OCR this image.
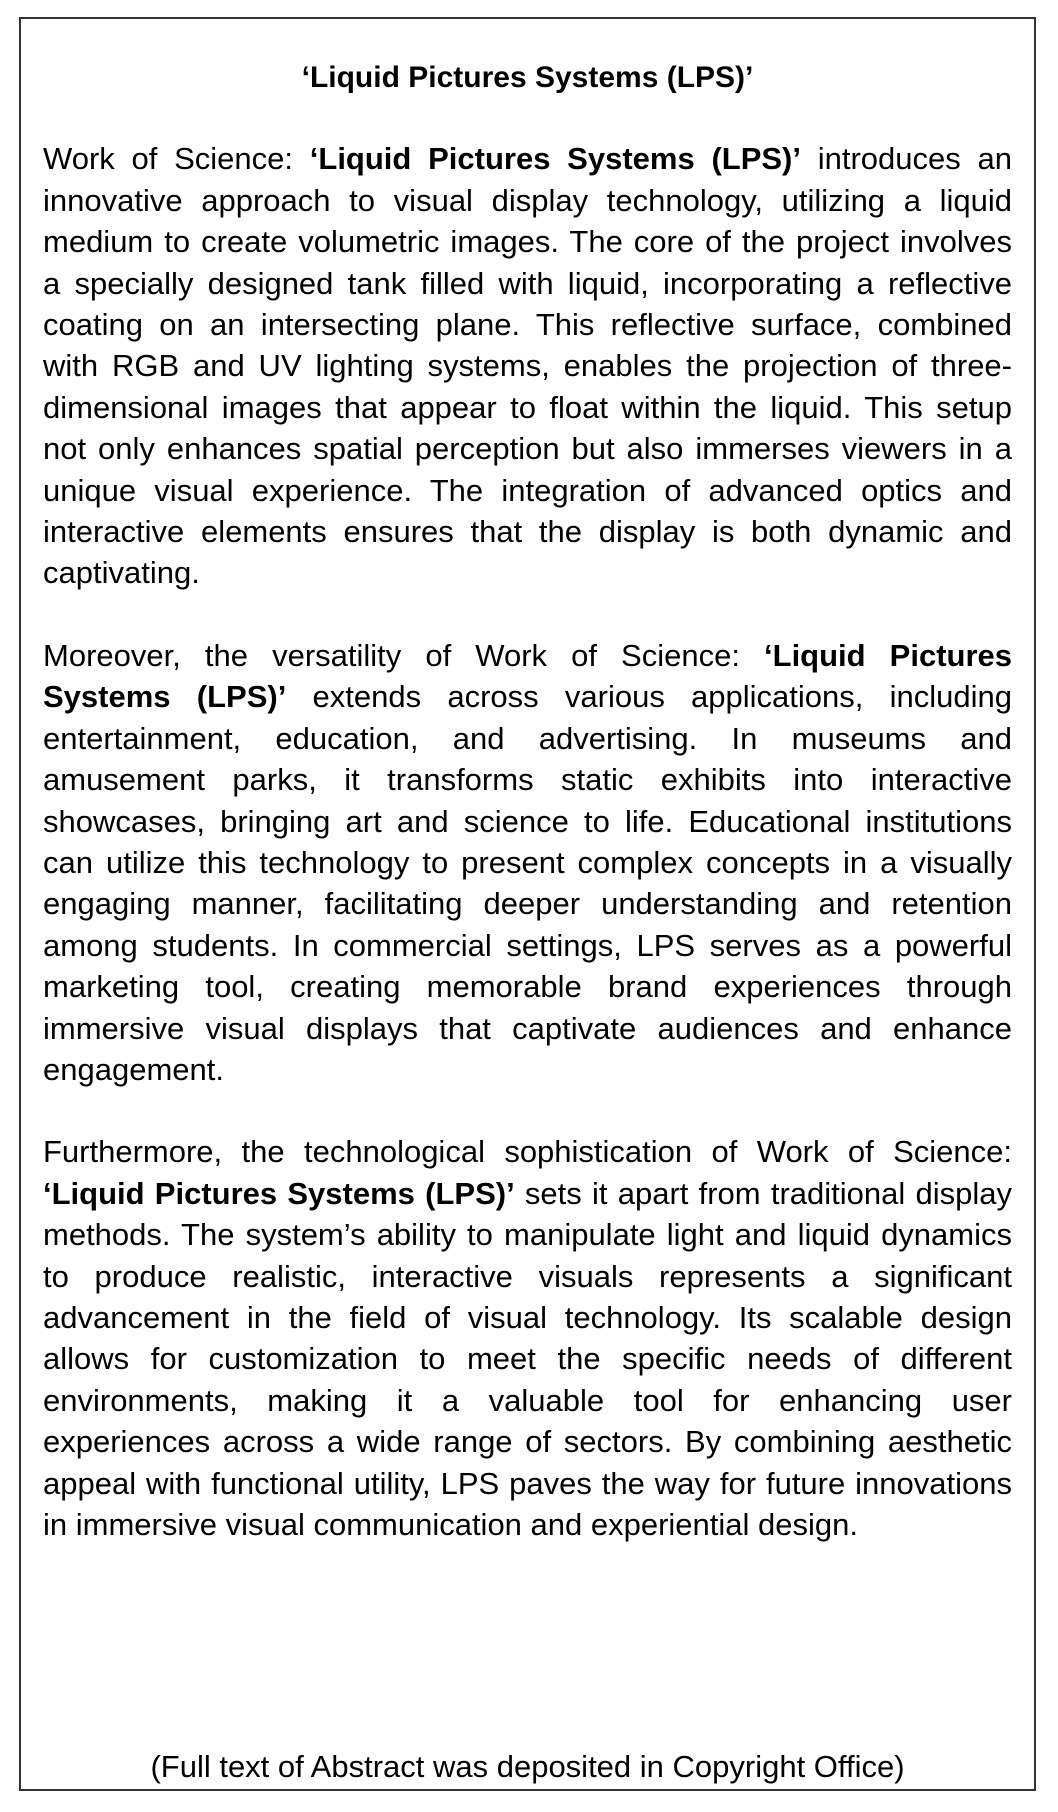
‘Liquid Pictures Systems (LPS)’
Work of Science: ‘Liquid Pictures Systems (LPS)’ introduces an innovative approach to visual display technology, utilizing a liquid medium to create volumetric images. The core of the project involves a specially designed tank filled with liquid, incorporating a reflective coating on an intersecting plane. This reflective surface, combined with RGB and UV lighting systems, enables the projection of three-dimensional images that appear to float within the liquid. This setup not only enhances spatial perception but also immerses viewers in a unique visual experience. The integration of advanced optics and interactive elements ensures that the display is both dynamic and captivating.
Moreover, the versatility of Work of Science: ‘Liquid Pictures Systems (LPS)’ extends across various applications, including entertainment, education, and advertising. In museums and amusement parks, it transforms static exhibits into interactive showcases, bringing art and science to life. Educational institutions can utilize this technology to present complex concepts in a visually engaging manner, facilitating deeper understanding and retention among students. In commercial settings, LPS serves as a powerful marketing tool, creating memorable brand experiences through immersive visual displays that captivate audiences and enhance engagement.
Furthermore, the technological sophistication of Work of Science: ‘Liquid Pictures Systems (LPS)’ sets it apart from traditional display methods. The system’s ability to manipulate light and liquid dynamics to produce realistic, interactive visuals represents a significant advancement in the field of visual technology. Its scalable design allows for customization to meet the specific needs of different environments, making it a valuable tool for enhancing user experiences across a wide range of sectors. By combining aesthetic appeal with functional utility, LPS paves the way for future innovations in immersive visual communication and experiential design.
(Full text of Abstract was deposited in Copyright Office)
